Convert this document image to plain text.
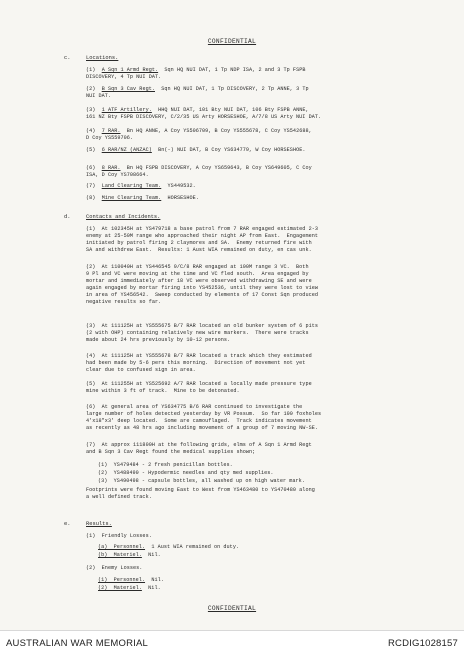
CONFIDENTIAL
c.	Locations.
(1) A Sqn 1 Armd Regt. Sqn HQ NUI DAT, 1 Tp NDP ISA, 2 and 3 Tp FSPB
DISCOVERY, 4 Tp NUI DAT.
(2) B Sqn 3 Cav Regt. Sqn HQ NUI DAT, 1 Tp DISCOVERY, 2 Tp ANNE, 3 Tp
NUI DAT.
(3) 1 ATF Artillery. HHQ NUI DAT, 101 Bty NUI DAT, 106 Bty FSPB ANNE,
161 NZ Bty FSPB DISCOVERY, C/2/35 US Arty HORSESHOE, A/7/8 US Arty NUI DAT.
(4) 7 RAR. Bn HQ ANNE, A Coy YS506709, B Coy YS555678, C Coy YS542688,
D Coy YS559706.
(5) 6 RAR/NZ (ANZAC) Bn(-) NUI DAT, B Coy YS634779, W Coy HORSESHOE.
(6) 8 RAR. Bn HQ FSPB DISCOVERY, A Coy YS659643, B Coy YS649605, C Coy
ISA, D Coy YS708664.
(7) Land Clearing Team. YS449532.
(8) Mine Clearing Team. HORSESHOE.
d.	Contacts and Incidents.
(1)  At 102345H at YS479718 a base patrol from 7 RAR engaged estimated 2-3
enemy at 25-50M range who approached their night AP from East.  Engagement
initiated by patrol firing 2 claymores and SA.  Enemy returned fire with
SA and withdrew East.  Results: 1 Aust WIA remained on duty, en cas unk.
(2)  At 110040H at YS446545 9/C/8 RAR engaged at 100M range 3 VC.  Both
9 Pl and VC were moving at the time and VC fled south.  Area engaged by
mortar and immediately after 18 VC were observed withdrawing SE and were
again engaged by mortar firing into YS452536, until they were lost to view
in area of YS456542.  Sweep conducted by elements of 17 Const Sqn produced
negative results so far.
(3)  At 111125H at YS555675 B/7 RAR located an old bunker system of 6 pits
(2 with OHP) containing relatively new wire markers.  There were tracks
made about 24 hrs previously by 10-12 persons.
(4)  At 111125H at YS555678 B/7 RAR located a track which they estimated
had been made by 5-6 pers this morning.  Direction of movement not yet
clear due to confused sign in area.
(5)  At 111255H at YS525692 A/7 RAR located a locally made pressure type
mine within 3 ft of track.  Mine to be detonated.
(6)  At general area of YS634775 B/6 RAR continued to investigate the
large number of holes detected yesterday by VR Possum.  So far 100 foxholes
4'x18"x3' deep located.  Some are camouflaged.  Track indicates movement
as recently as 48 hrs ago including movement of a group of 7 moving NW-SE.
(7)  At approx 111800H at the following grids, elms of A Sqn 1 Armd Regt
and B Sqn 3 Cav Regt found the medical supplies shown;
(1)  YS479484 - 2 fresh penicillan bottles.
(2)  YS488490 - Hypodermic needles and qty med supplies.
(3)  YS490498 - capsule bottles, all washed up on high water mark.
Footprints were found moving East to West from YS463480 to YS470480 along
a well defined track.
e.	Results.
(1)  Friendly Losses.
(a)  Personnel. 1 Aust WIA remained on duty.
(b)  Materiel. Nil.
(2)  Enemy Losses.
(1)  Personnel. Nil.
(2)  Materiel. Nil.
CONFIDENTIAL
AUSTRALIAN WAR MEMORIAL	RCDIG1028157
